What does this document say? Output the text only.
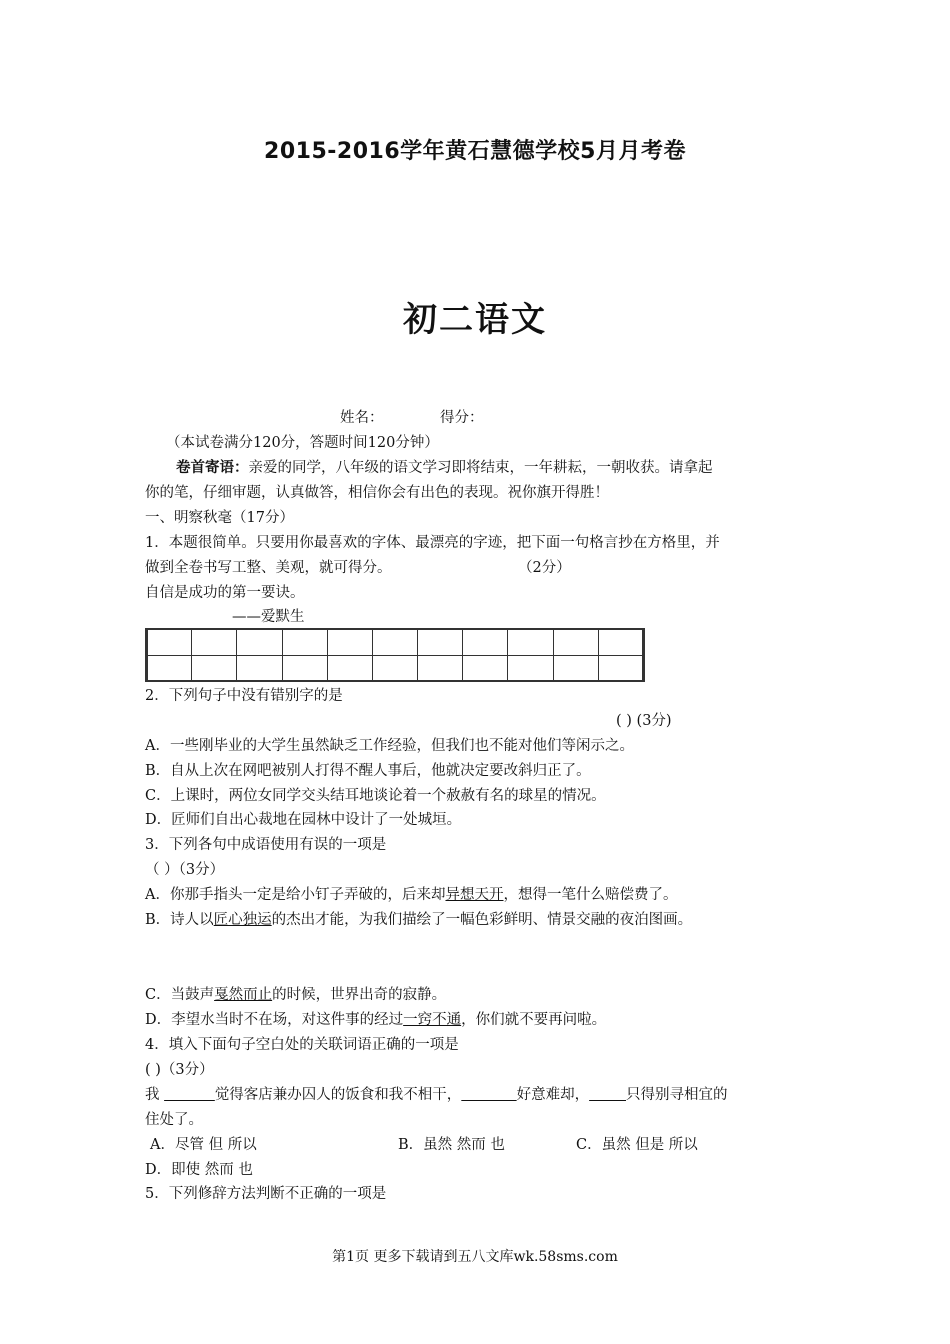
2015-2016学年黄石慧德学校5月月考卷
初二语文
姓名：	得分：
（本试卷满分120分，答题时间120分钟）
卷首寄语：亲爱的同学，八年级的语文学习即将结束，一年耕耘，一朝收获。请拿起
你的笔，仔细审题，认真做答，相信你会有出色的表现。祝你旗开得胜！
一、明察秋毫（17分）
1．本题很简单。只要用你最喜欢的字体、最漂亮的字迹，把下面一句格言抄在方格里，并
做到全卷书写工整、美观，就可得分。	（2分）
自信是成功的第一要诀。
——爱默生

2．下列句子中没有错别字的是
( ) (3分)
A．一些刚毕业的大学生虽然缺乏工作经验，但我们也不能对他们等闲示之。
B．自从上次在网吧被别人打得不醒人事后，他就决定要改斜归正了。
C．上课时，两位女同学交头结耳地谈论着一个赦赦有名的球星的情况。
D．匠师们自出心裁地在园林中设计了一处城垣。
3．下列各句中成语使用有误的一项是
（ ）（3分）
A．你那手指头一定是给小钉子弄破的，后来却异想天开，想得一笔什么赔偿费了。
B．诗人以匠心独运的杰出才能，为我们描绘了一幅色彩鲜明、情景交融的夜泊图画。
C．当鼓声戛然而止的时候，世界出奇的寂静。
D．李望水当时不在场，对这件事的经过一窍不通，你们就不要再问啦。
4．填入下面句子空白处的关联词语正确的一项是
( )（3分）
我	觉得客店兼办囚人的饭食和我不相干，	好意难却，	只得别寻相宜的
住处了。
A．尽管 但 所以	B．虽然 然而 也	C．虽然 但是 所以
D．即使 然而 也
5．下列修辞方法判断不正确的一项是
第1页 更多下载请到五八文库wk.58sms.com
